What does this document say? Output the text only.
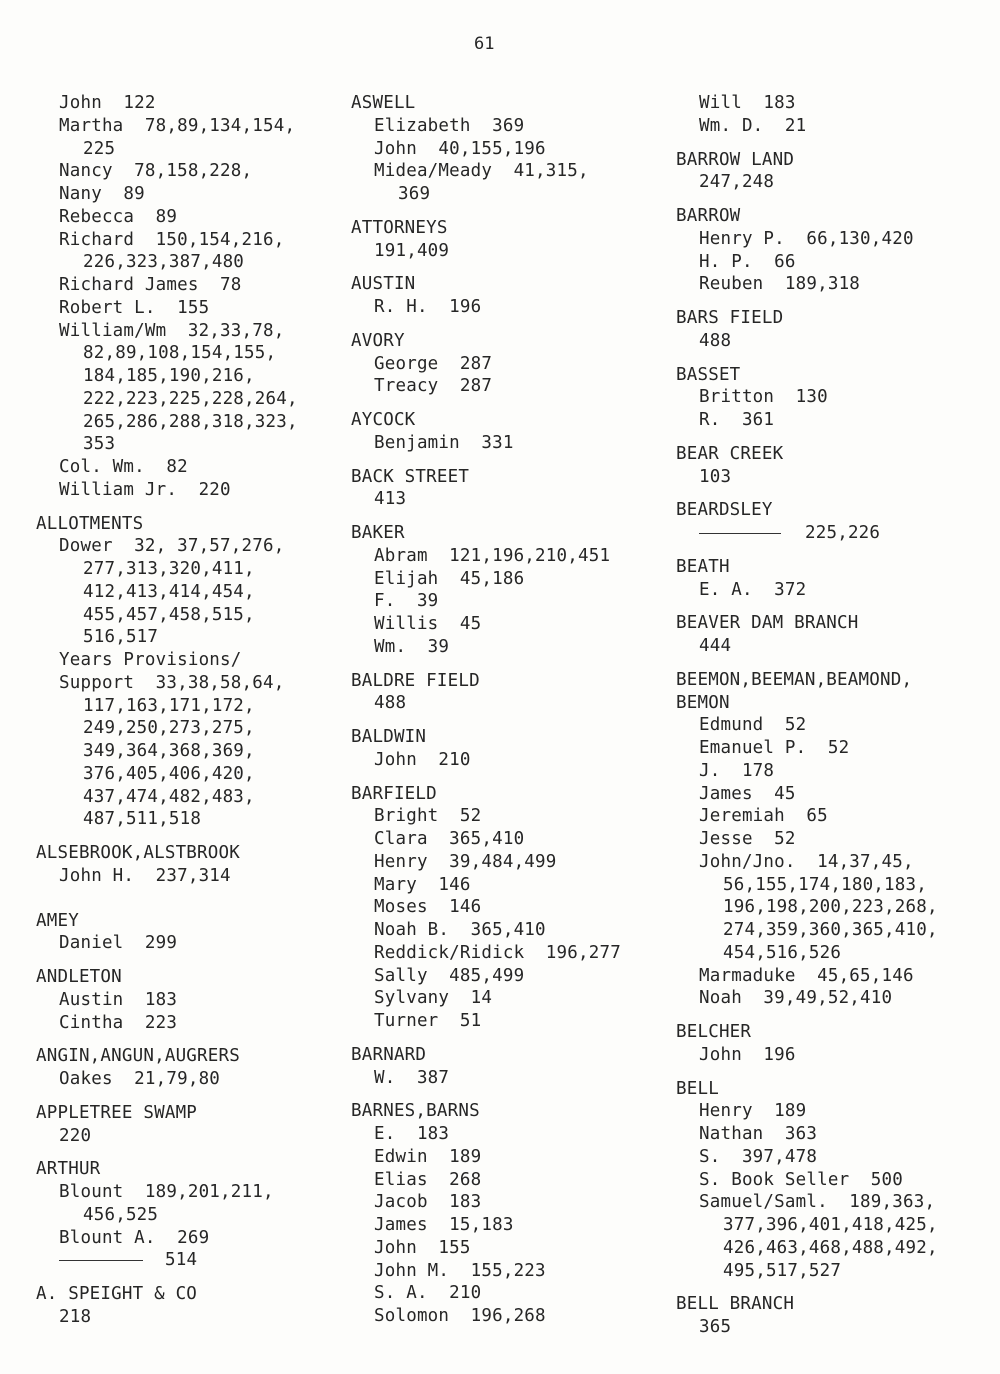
61
John  122
Martha  78,89,134,154,
225
Nancy  78,158,228,
Nany  89
Rebecca  89
Richard  150,154,216,
226,323,387,480
Richard James  78
Robert L.  155
William/Wm  32,33,78,
82,89,108,154,155,
184,185,190,216,
222,223,225,228,264,
265,286,288,318,323,
353
Col. Wm.  82
William Jr.  220
ALLOTMENTS
Dower  32, 37,57,276,
277,313,320,411,
412,413,414,454,
455,457,458,515,
516,517
Years Provisions/
Support  33,38,58,64,
117,163,171,172,
249,250,273,275,
349,364,368,369,
376,405,406,420,
437,474,482,483,
487,511,518
ALSEBROOK,ALSTBROOK
John H.  237,314
AMEY
Daniel  299
ANDLETON
Austin  183
Cintha  223
ANGIN,ANGUN,AUGRERS
Oakes  21,79,80
APPLETREE SWAMP
220
ARTHUR
Blount  189,201,211,
456,525
Blount A.  269
514
A. SPEIGHT & CO
218
ASWELL
Elizabeth  369
John  40,155,196
Midea/Meady  41,315,
369
ATTORNEYS
191,409
AUSTIN
R. H.  196
AVORY
George  287
Treacy  287
AYCOCK
Benjamin  331
BACK STREET
413
BAKER
Abram  121,196,210,451
Elijah  45,186
F.  39
Willis  45
Wm.  39
BALDRE FIELD
488
BALDWIN
John  210
BARFIELD
Bright  52
Clara  365,410
Henry  39,484,499
Mary  146
Moses  146
Noah B.  365,410
Reddick/Ridick  196,277
Sally  485,499
Sylvany  14
Turner  51
BARNARD
W.  387
BARNES,BARNS
E.  183
Edwin  189
Elias  268
Jacob  183
James  15,183
John  155
John M.  155,223
S. A.  210
Solomon  196,268
Will  183
Wm. D.  21
BARROW LAND
247,248
BARROW
Henry P.  66,130,420
H. P.  66
Reuben  189,318
BARS FIELD
488
BASSET
Britton  130
R.  361
BEAR CREEK
103
BEARDSLEY
225,226
BEATH
E. A.  372
BEAVER DAM BRANCH
444
BEEMON,BEEMAN,BEAMOND,
BEMON
Edmund  52
Emanuel P.  52
J.  178
James  45
Jeremiah  65
Jesse  52
John/Jno.  14,37,45,
56,155,174,180,183,
196,198,200,223,268,
274,359,360,365,410,
454,516,526
Marmaduke  45,65,146
Noah  39,49,52,410
BELCHER
John  196
BELL
Henry  189
Nathan  363
S.  397,478
S. Book Seller  500
Samuel/Saml.  189,363,
377,396,401,418,425,
426,463,468,488,492,
495,517,527
BELL BRANCH
365
